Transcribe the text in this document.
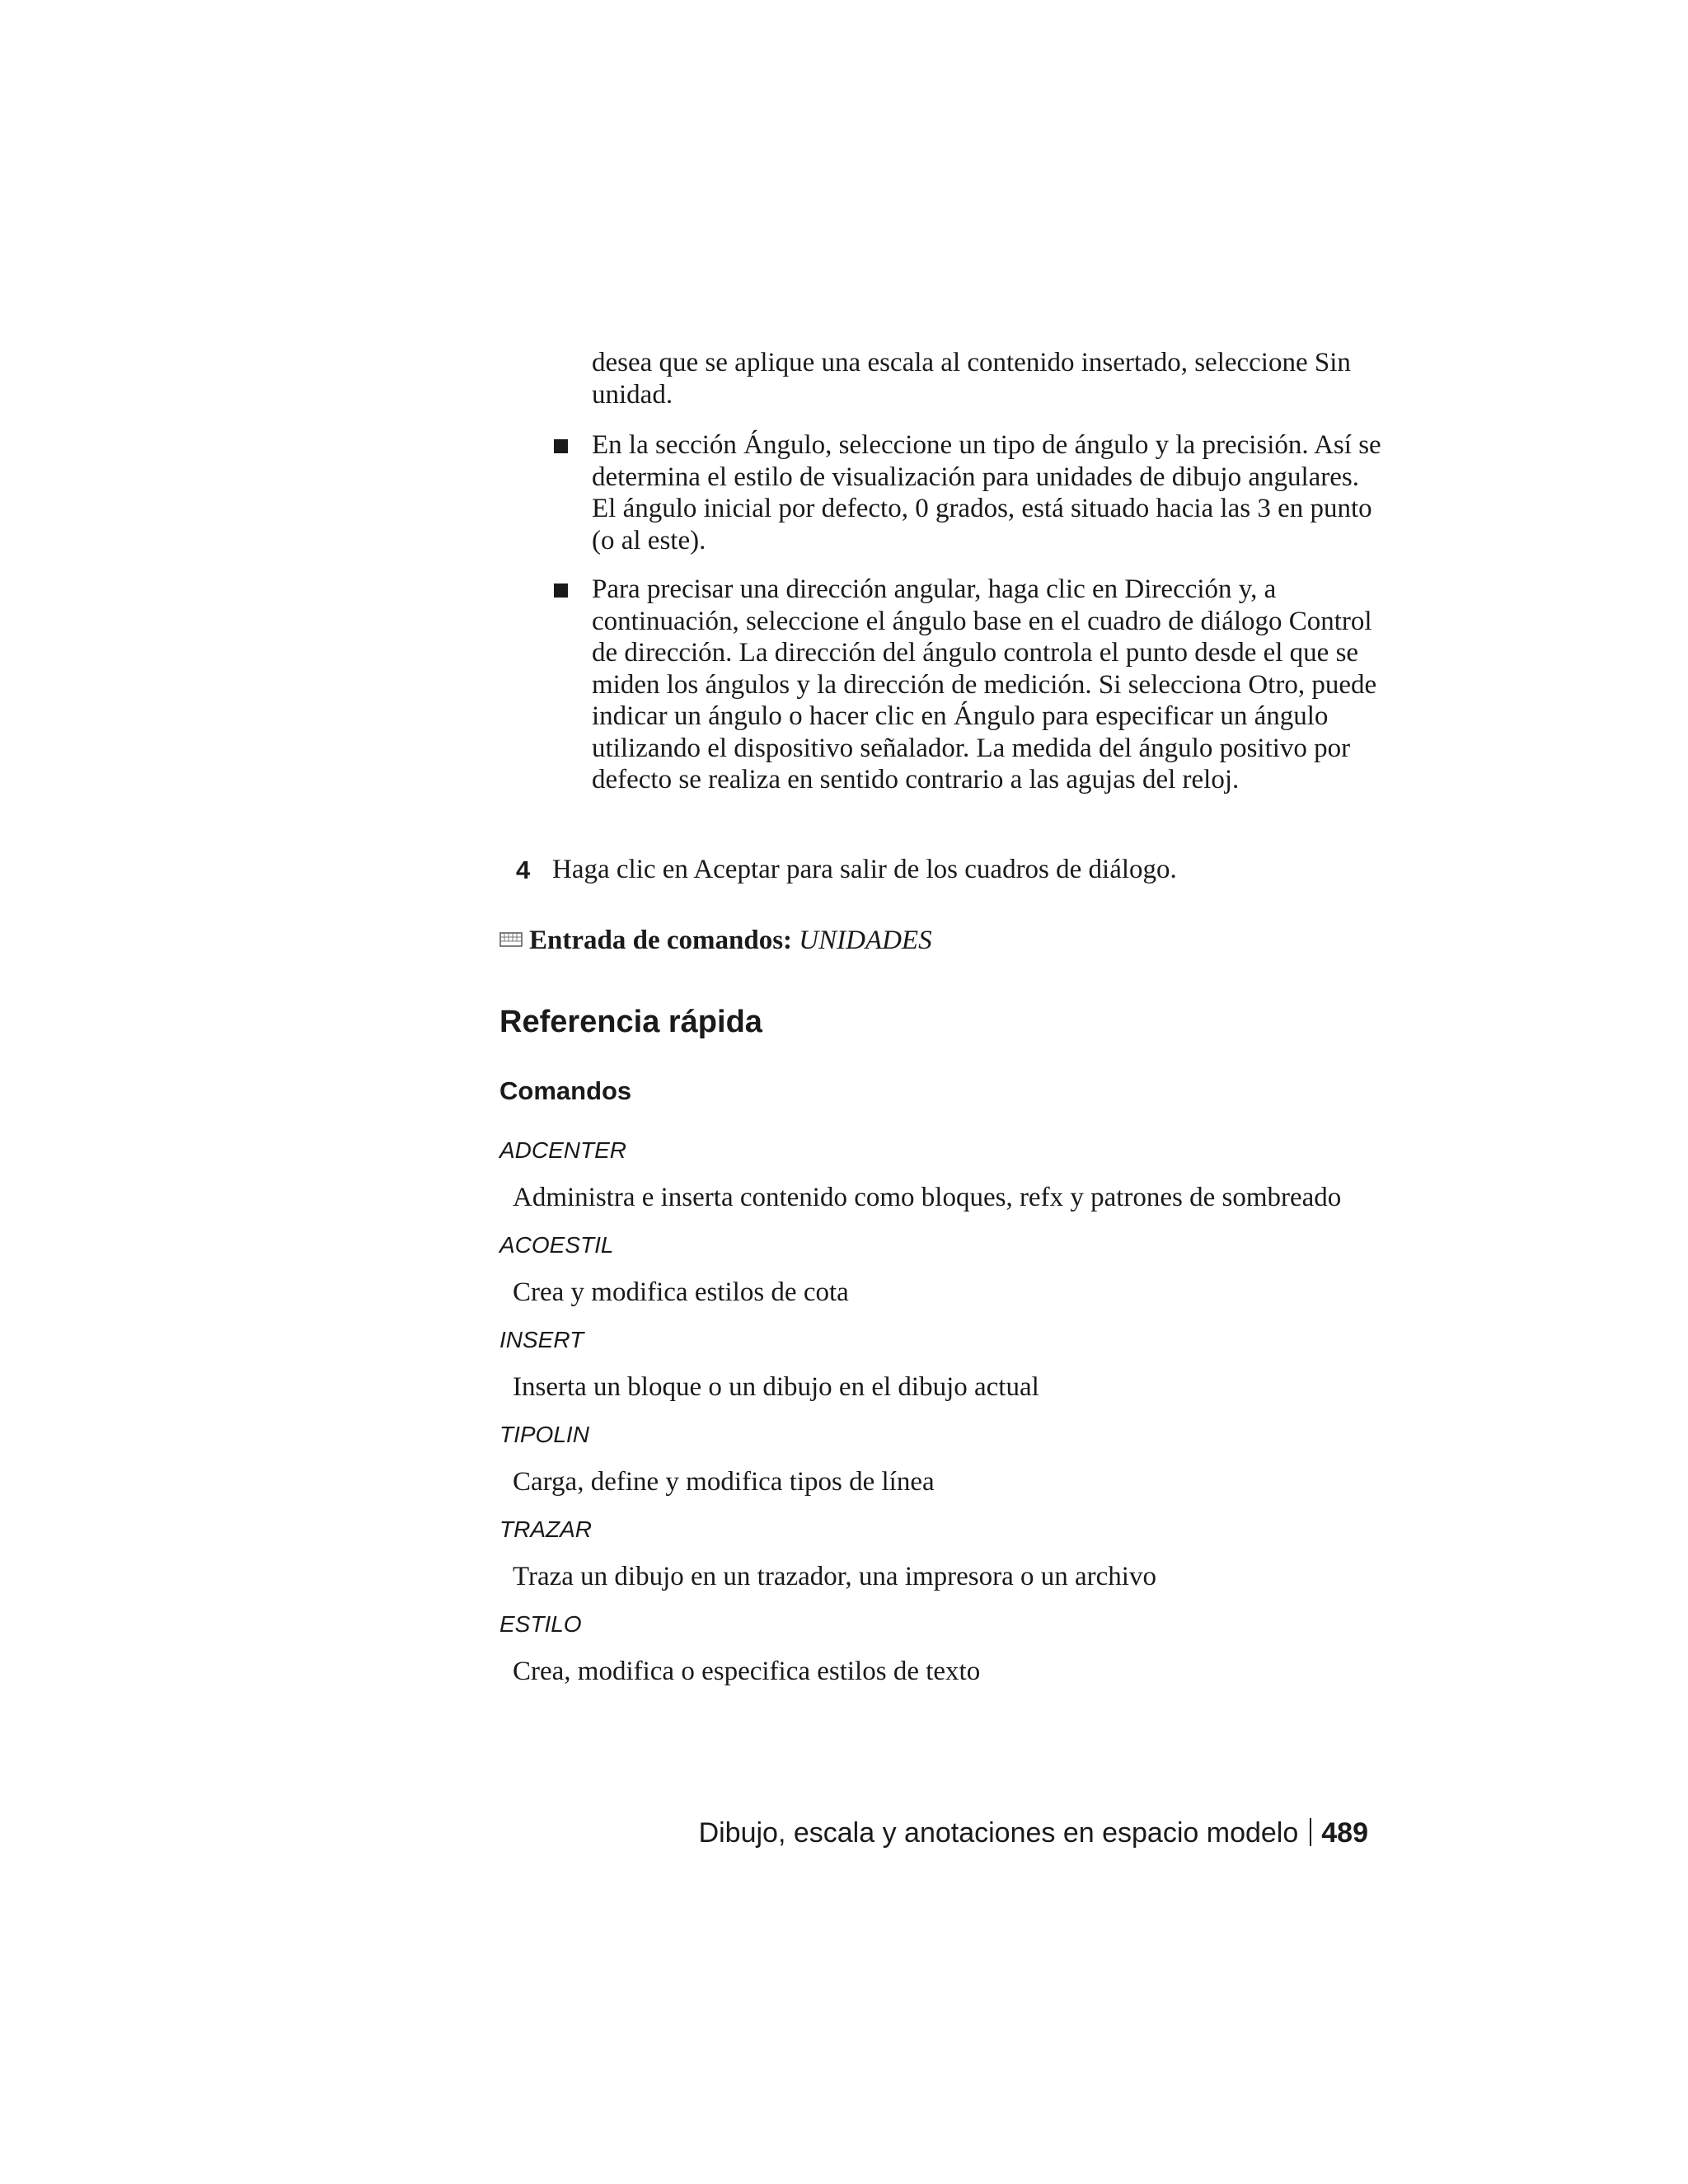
desea que se aplique una escala al contenido insertado, seleccione Sin unidad.
En la sección Ángulo, seleccione un tipo de ángulo y la precisión. Así se determina el estilo de visualización para unidades de dibujo angulares. El ángulo inicial por defecto, 0 grados, está situado hacia las 3 en punto (o al este).
Para precisar una dirección angular, haga clic en Dirección y, a continuación, seleccione el ángulo base en el cuadro de diálogo Control de dirección. La dirección del ángulo controla el punto desde el que se miden los ángulos y la dirección de medición. Si selecciona Otro, puede indicar un ángulo o hacer clic en Ángulo para especificar un ángulo utilizando el dispositivo señalador. La medida del ángulo positivo por defecto se realiza en sentido contrario a las agujas del reloj.
4 Haga clic en Aceptar para salir de los cuadros de diálogo.
Entrada de comandos: UNIDADES
Referencia rápida
Comandos
ADCENTER
Administra e inserta contenido como bloques, refx y patrones de sombreado
ACOESTIL
Crea y modifica estilos de cota
INSERT
Inserta un bloque o un dibujo en el dibujo actual
TIPOLIN
Carga, define y modifica tipos de línea
TRAZAR
Traza un dibujo en un trazador, una impresora o un archivo
ESTILO
Crea, modifica o especifica estilos de texto
Dibujo, escala y anotaciones en espacio modelo 489
